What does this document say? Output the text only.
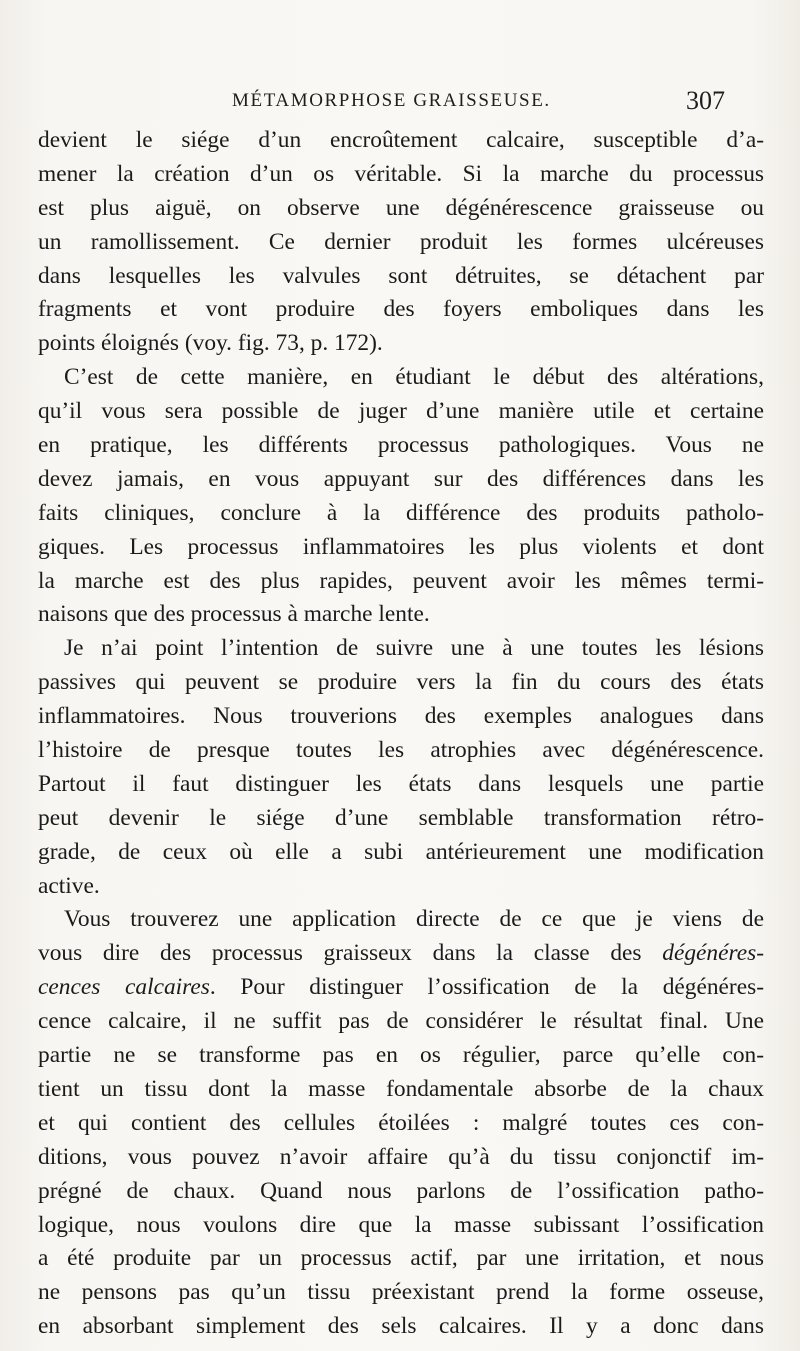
MÉTAMORPHOSE GRAISSEUSE.	307
devient le siége d’un encroûtement calcaire, susceptible d’a-
mener la création d’un os véritable. Si la marche du processus
est plus aiguë, on observe une dégénérescence graisseuse ou
un ramollissement. Ce dernier produit les formes ulcéreuses
dans lesquelles les valvules sont détruites, se détachent par
fragments et vont produire des foyers emboliques dans les
points éloignés (voy. fig. 73, p. 172).
C’est de cette manière, en étudiant le début des altérations,
qu’il vous sera possible de juger d’une manière utile et certaine
en pratique, les différents processus pathologiques. Vous ne
devez jamais, en vous appuyant sur des différences dans les
faits cliniques, conclure à la différence des produits patholo-
giques. Les processus inflammatoires les plus violents et dont
la marche est des plus rapides, peuvent avoir les mêmes termi-
naisons que des processus à marche lente.
Je n’ai point l’intention de suivre une à une toutes les lésions
passives qui peuvent se produire vers la fin du cours des états
inflammatoires. Nous trouverions des exemples analogues dans
l’histoire de presque toutes les atrophies avec dégénérescence.
Partout il faut distinguer les états dans lesquels une partie
peut devenir le siége d’une semblable transformation rétro-
grade, de ceux où elle a subi antérieurement une modification
active.
Vous trouverez une application directe de ce que je viens de
vous dire des processus graisseux dans la classe des dégénéres-
cences calcaires. Pour distinguer l’ossification de la dégénéres-
cence calcaire, il ne suffit pas de considérer le résultat final. Une
partie ne se transforme pas en os régulier, parce qu’elle con-
tient un tissu dont la masse fondamentale absorbe de la chaux
et qui contient des cellules étoilées : malgré toutes ces con-
ditions, vous pouvez n’avoir affaire qu’à du tissu conjonctif im-
prégné de chaux. Quand nous parlons de l’ossification patho-
logique, nous voulons dire que la masse subissant l’ossification
a été produite par un processus actif, par une irritation, et nous
ne pensons pas qu’un tissu préexistant prend la forme osseuse,
en absorbant simplement des sels calcaires. Il y a donc dans
